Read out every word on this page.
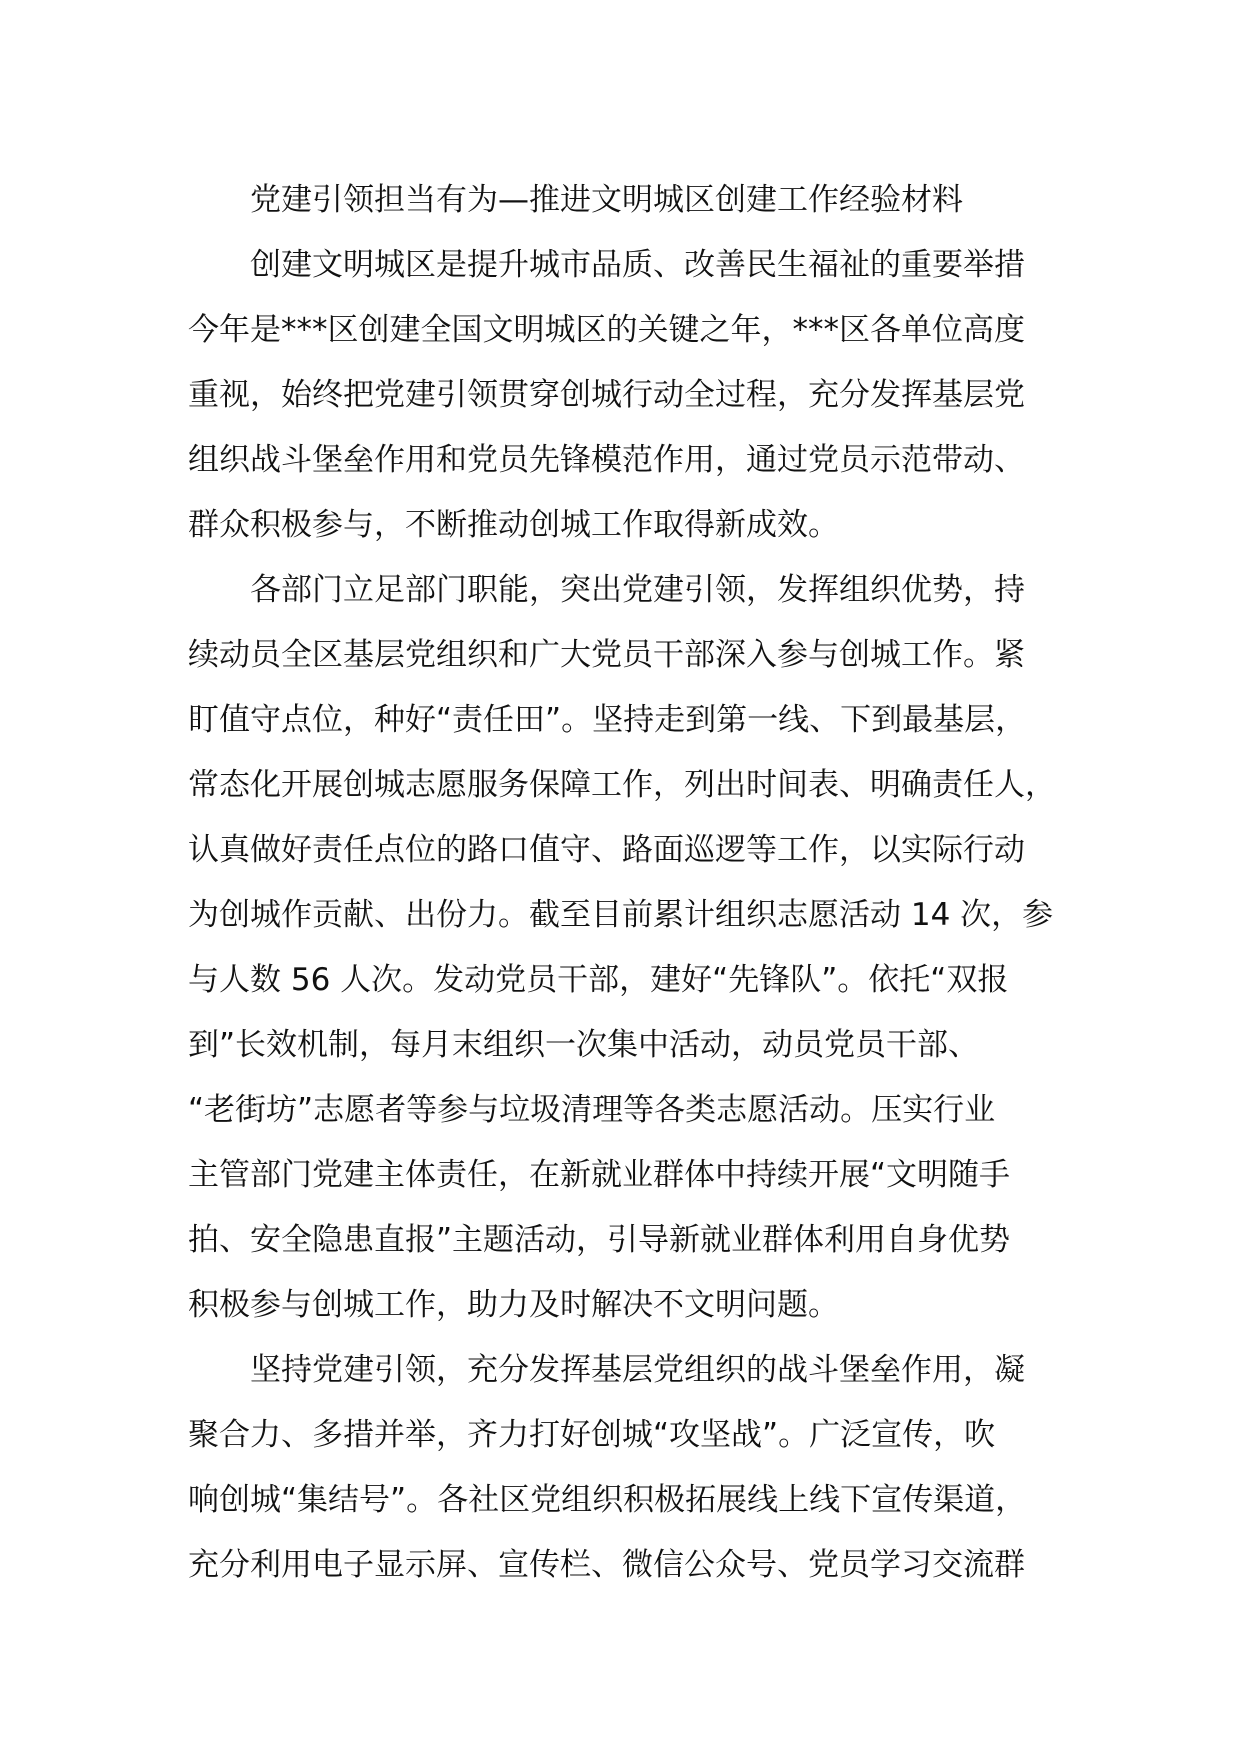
党建引领担当有为—推进文明城区创建工作经验材料

创建文明城区是提升城市品质、改善民生福祉的重要举措

今年是***区创建全国文明城区的关键之年，***区各单位高度

重视，始终把党建引领贯穿创城行动全过程，充分发挥基层党

组织战斗堡垒作用和党员先锋模范作用，通过党员示范带动、

群众积极参与，不断推动创城工作取得新成效。

各部门立足部门职能，突出党建引领，发挥组织优势，持

续动员全区基层党组织和广大党员干部深入参与创城工作。紧

盯值守点位，种好“责任田”。坚持走到第一线、下到最基层，

常态化开展创城志愿服务保障工作，列出时间表、明确责任人，

认真做好责任点位的路口值守、路面巡逻等工作，以实际行动

为创城作贡献、出份力。截至目前累计组织志愿活动 14 次，参

与人数 56 人次。发动党员干部，建好“先锋队”。依托“双报

到”长效机制，每月末组织一次集中活动，动员党员干部、

“老街坊”志愿者等参与垃圾清理等各类志愿活动。压实行业

主管部门党建主体责任，在新就业群体中持续开展“文明随手

拍、安全隐患直报”主题活动，引导新就业群体利用自身优势

积极参与创城工作，助力及时解决不文明问题。

坚持党建引领，充分发挥基层党组织的战斗堡垒作用，凝

聚合力、多措并举，齐力打好创城“攻坚战”。广泛宣传，吹

响创城“集结号”。各社区党组织积极拓展线上线下宣传渠道，

充分利用电子显示屏、宣传栏、微信公众号、党员学习交流群
